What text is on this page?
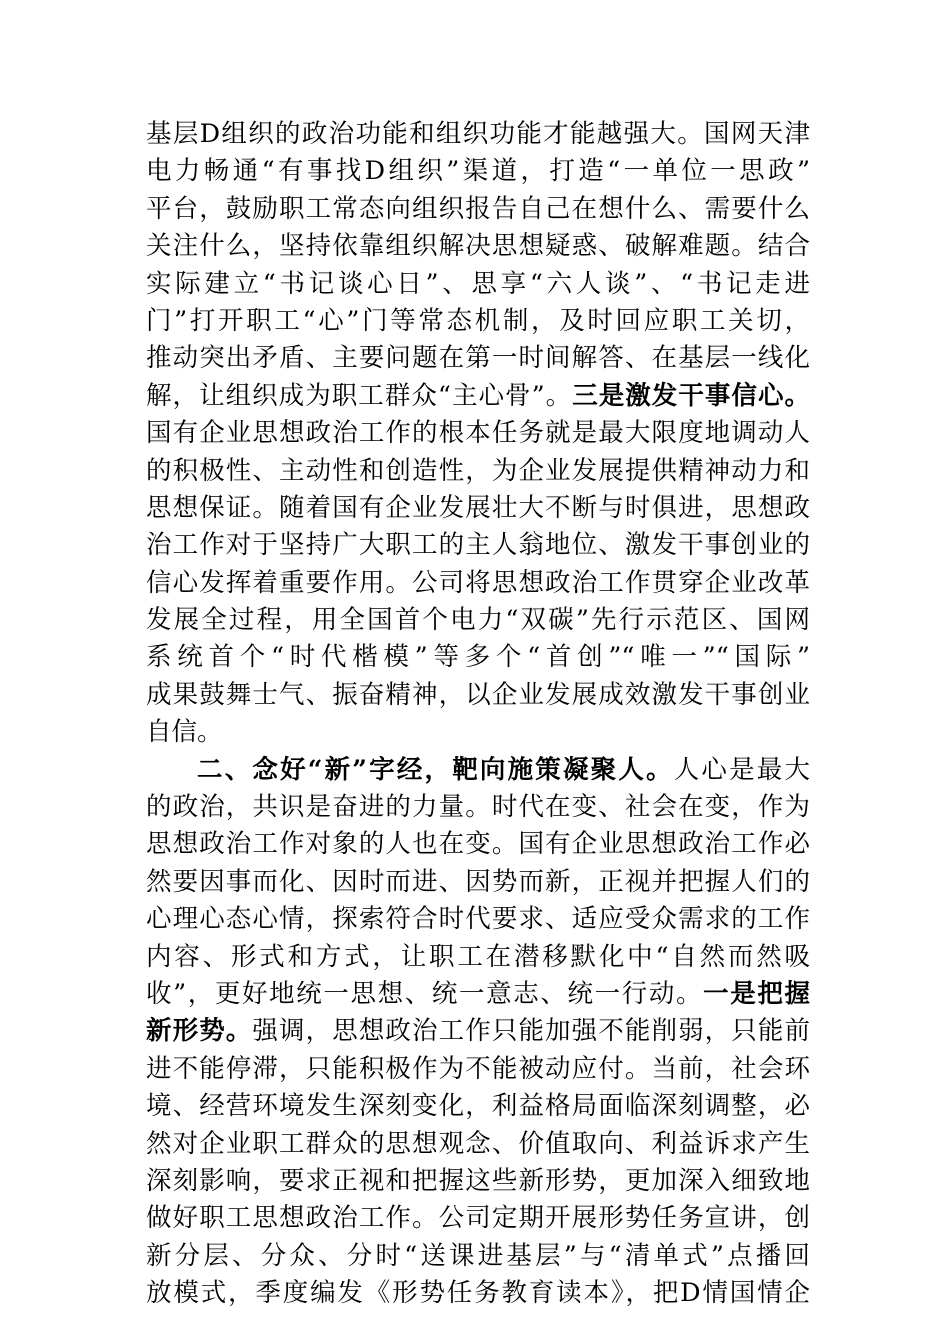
基层D组织的政治功能和组织功能才能越强大。国网天津
电力畅通“有事找D组织”渠道，打造“一单位一思政”
平台，鼓励职工常态向组织报告自己在想什么、需要什么
关注什么，坚持依靠组织解决思想疑惑、破解难题。结合
实际建立“书记谈心日”、思享“六人谈”、“书记走进
门”打开职工“心”门等常态机制，及时回应职工关切，
推动突出矛盾、主要问题在第一时间解答、在基层一线化
解，让组织成为职工群众“主心骨”。三是激发干事信心。
国有企业思想政治工作的根本任务就是最大限度地调动人
的积极性、主动性和创造性，为企业发展提供精神动力和
思想保证。随着国有企业发展壮大不断与时俱进，思想政
治工作对于坚持广大职工的主人翁地位、激发干事创业的
信心发挥着重要作用。公司将思想政治工作贯穿企业改革
发展全过程，用全国首个电力“双碳”先行示范区、国网
系统首个“时代楷模”等多个“首创”“唯一”“国际”
成果鼓舞士气、振奋精神，以企业发展成效激发干事创业
自信。
二、念好“新”字经，靶向施策凝聚人。人心是最大
的政治，共识是奋进的力量。时代在变、社会在变，作为
思想政治工作对象的人也在变。国有企业思想政治工作必
然要因事而化、因时而进、因势而新，正视并把握人们的
心理心态心情，探索符合时代要求、适应受众需求的工作
内容、形式和方式，让职工在潜移默化中“自然而然吸
收”，更好地统一思想、统一意志、统一行动。一是把握
新形势。强调，思想政治工作只能加强不能削弱，只能前
进不能停滞，只能积极作为不能被动应付。当前，社会环
境、经营环境发生深刻变化，利益格局面临深刻调整，必
然对企业职工群众的思想观念、价值取向、利益诉求产生
深刻影响，要求正视和把握这些新形势，更加深入细致地
做好职工思想政治工作。公司定期开展形势任务宣讲，创
新分层、分众、分时“送课进基层”与“清单式”点播回
放模式，季度编发《形势任务教育读本》，把D情国情企
